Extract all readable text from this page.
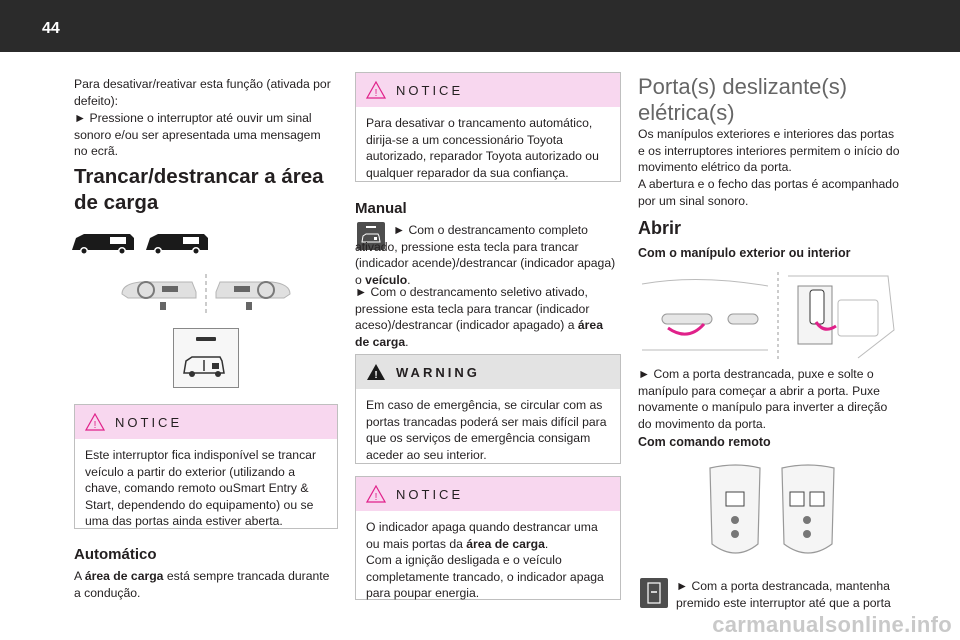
44

Para desativar/reativar esta função (ativada por defeito):

► Pressione o interruptor até ouvir um sinal sonoro e/ou ser apresentada uma mensagem no ecrã.

Trancar/destrancar a área
de carga
! NOTICE

Este interruptor fica indisponível se trancar veículo a partir do exterior (utilizando a chave, comando remoto ouSmart Entry & Start, dependendo do equipamento) ou se uma das portas ainda estiver aberta.

Automático

A área de carga está sempre trancada durante a condução.

! NOTICE

Para desativar o trancamento automático, dirija-se a um concessionário Toyota autorizado, reparador Toyota autorizado ou qualquer reparador da sua confiança.

Manual

► Com o destrancamento completo ativado, pressione esta tecla para trancar (indicador acende)/destrancar (indicador apaga) o veículo.

► Com o destrancamento seletivo ativado, pressione esta tecla para trancar (indicador aceso)/destrancar (indicador apagado) a área de carga.

! WARNING

Em caso de emergência, se circular com as portas trancadas poderá ser mais difícil para que os serviços de emergência consigam aceder ao seu interior.

! NOTICE

O indicador apaga quando destrancar uma ou mais portas da área de carga.

Com a ignição desligada e o veículo completamente trancado, o indicador apaga para poupar energia.

Porta(s) deslizante(s)
elétrica(s)

Os manípulos exteriores e interiores das portas e os interruptores interiores permitem o início do movimento elétrico da porta.

A abertura e o fecho das portas é acompanhado por um sinal sonoro.

Abrir
Com o manípulo exterior ou interior

► Com a porta destrancada, puxe e solte o manípulo para começar a abrir a porta. Puxe novamente o manípulo para inverter a direção do movimento da porta.

Com comando remoto

► Com a porta destrancada, mantenha premido este interruptor até que a porta

carmanualsonline.info
